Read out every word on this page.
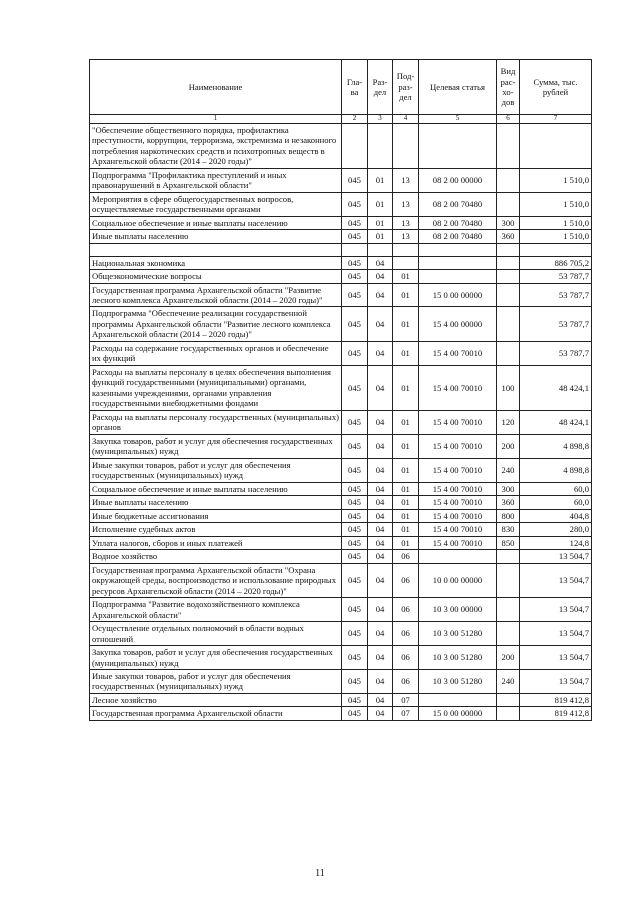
Наименование	Гла-ва	Раз-дел	Под-раз-дел	Целевая статья	Вид рас-хо-дов	Сумма, тыс. рублей
1	2	3	4	5	6	7
"Обеспечение общественного порядка, профилактика преступности, коррупции, терроризма, экстремизма и незаконного потребления наркотических средств и психотропных веществ в Архангельской области (2014 – 2020 годы)"						
Подпрограмма "Профилактика преступлений и иных правонарушений в Архангельской области"	045	01	13	08 2 00 00000		1 510,0
Мероприятия в сфере общегосударственных вопросов, осуществляемые государственными органами	045	01	13	08 2 00 70480		1 510,0
Социальное обеспечение и иные выплаты населению	045	01	13	08 2 00 70480	300	1 510,0
Иные выплаты населению	045	01	13	08 2 00 70480	360	1 510,0

Национальная экономика	045	04				886 705,2
Общеэкономические вопросы	045	04	01			53 787,7
Государственная программа Архангельской области "Развитие лесного комплекса Архангельской области (2014 – 2020 годы)"	045	04	01	15 0 00 00000		53 787,7
Подпрограмма "Обеспечение реализации государственной программы Архангельской области "Развитие лесного комплекса Архангельской области (2014 – 2020 годы)"	045	04	01	15 4 00 00000		53 787,7
Расходы на содержание государственных органов и обеспечение их функций	045	04	01	15 4 00 70010		53 787,7
Расходы на выплаты персоналу в целях обеспечения выполнения функций государственными (муниципальными) органами, казенными учреждениями, органами управления государственными внебюджетными фондами	045	04	01	15 4 00 70010	100	48 424,1
Расходы на выплаты персоналу государственных (муниципальных) органов	045	04	01	15 4 00 70010	120	48 424,1
Закупка товаров, работ и услуг для обеспечения государственных (муниципальных) нужд	045	04	01	15 4 00 70010	200	4 898,8
Иные закупки товаров, работ и услуг для обеспечения государственных (муниципальных) нужд	045	04	01	15 4 00 70010	240	4 898,8
Социальное обеспечение и иные выплаты населению	045	04	01	15 4 00 70010	300	60,0
Иные выплаты населению	045	04	01	15 4 00 70010	360	60,0
Иные бюджетные ассигнования	045	04	01	15 4 00 70010	800	404,8
Исполнение судебных актов	045	04	01	15 4 00 70010	830	280,0
Уплата налогов, сборов и иных платежей	045	04	01	15 4 00 70010	850	124,8
Водное хозяйство	045	04	06			13 504,7
Государственная программа Архангельской области "Охрана окружающей среды, воспроизводство и использование природных ресурсов Архангельской области (2014 – 2020 годы)"	045	04	06	10 0 00 00000		13 504,7
Подпрограмма "Развитие водохозяйственного комплекса Архангельской области"	045	04	06	10 3 00 00000		13 504,7
Осуществление отдельных полномочий в области водных отношений	045	04	06	10 3 00 51280		13 504,7
Закупка товаров, работ и услуг для обеспечения государственных (муниципальных) нужд	045	04	06	10 3 00 51280	200	13 504,7
Иные закупки товаров, работ и услуг для обеспечения государственных (муниципальных) нужд	045	04	06	10 3 00 51280	240	13 504,7
Лесное хозяйство	045	04	07			819 412,8
Государственная программа Архангельской области	045	04	07	15 0 00 00000		819 412,8
11
